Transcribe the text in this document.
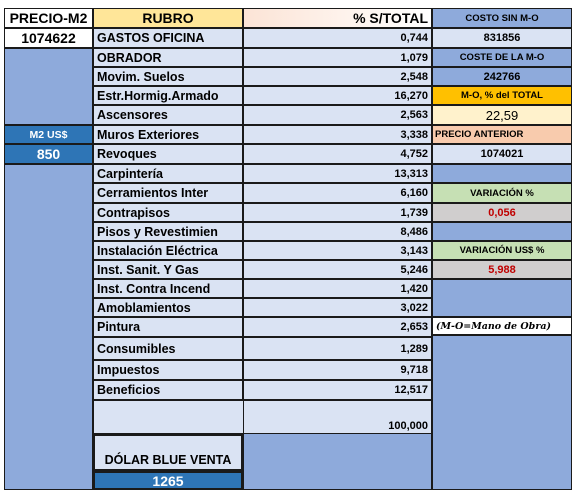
PRECIO-M2
1074622
M2 US$
850
RUBRO	% S/TOTAL
GASTOS OFICINA	0,744
OBRADOR	1,079
Movim. Suelos	2,548
Estr.Hormig.Armado	16,270
Ascensores	2,563
Muros Exteriores	3,338
Revoques	4,752
Carpintería	13,313
Cerramientos Inter	6,160
Contrapisos	1,739
Pisos y Revestimien	8,486
Instalación Eléctrica	3,143
Inst. Sanit. Y Gas	5,246
Inst. Contra Incend	1,420
Amoblamientos	3,022
Pintura	2,653
Consumibles	1,289
Impuestos	9,718
Beneficios	12,517
100,000
DÓLAR BLUE VENTA
1265
COSTO SIN M-O
831856
COSTE DE LA M-O
242766
M-O, % del TOTAL
22,59
PRECIO ANTERIOR
1074021
VARIACIÓN %
0,056
VARIACIÓN US$ %
5,988
(M-O=Mano de Obra)
